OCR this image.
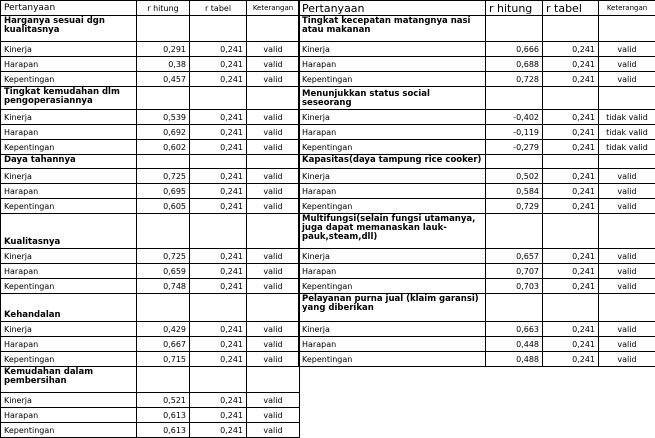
Pertanyaan	r hitung	r tabel	Keterangan
Harganya sesuai dgn kualitasnya			
Kinerja	0,291	0,241	valid
Harapan	0,38	0,241	valid
Kepentingan	0,457	0,241	valid
Tingkat kemudahan dlm pengoperasiannya			
Kinerja	0,539	0,241	valid
Harapan	0,692	0,241	valid
Kepentingan	0,602	0,241	valid
Daya tahannya			
Kinerja	0,725	0,241	valid
Harapan	0,695	0,241	valid
Kepentingan	0,605	0,241	valid
Kualitasnya			
Kinerja	0,725	0,241	valid
Harapan	0,659	0,241	valid
Kepentingan	0,748	0,241	valid
Kehandalan			
Kinerja	0,429	0,241	valid
Harapan	0,667	0,241	valid
Kepentingan	0,715	0,241	valid
Kemudahan dalam pembersihan			
Kinerja	0,521	0,241	valid
Harapan	0,613	0,241	valid
Kepentingan	0,613	0,241	valid
Pertanyaan	r hitung	r tabel	Keterangan
Tingkat kecepatan matangnya nasi atau makanan			
Kinerja	0,666	0,241	valid
Harapan	0,688	0,241	valid
Kepentingan	0,728	0,241	valid
Menunjukkan status social seseorang			
Kinerja	-0,402	0,241	tidak valid
Harapan	-0,119	0,241	tidak valid
Kepentingan	-0,279	0,241	tidak valid
Kapasitas(daya tampung rice cooker)			
Kinerja	0,502	0,241	valid
Harapan	0,584	0,241	valid
Kepentingan	0,729	0,241	valid
Multifungsi(selain fungsi utamanya, juga dapat memanaskan lauk-pauk,steam,dll)			
Kinerja	0,657	0,241	valid
Harapan	0,707	0,241	valid
Kepentingan	0,703	0,241	valid
Pelayanan purna jual (klaim garansi) yang diberikan			
Kinerja	0,663	0,241	valid
Harapan	0,448	0,241	valid
Kepentingan	0,488	0,241	valid
